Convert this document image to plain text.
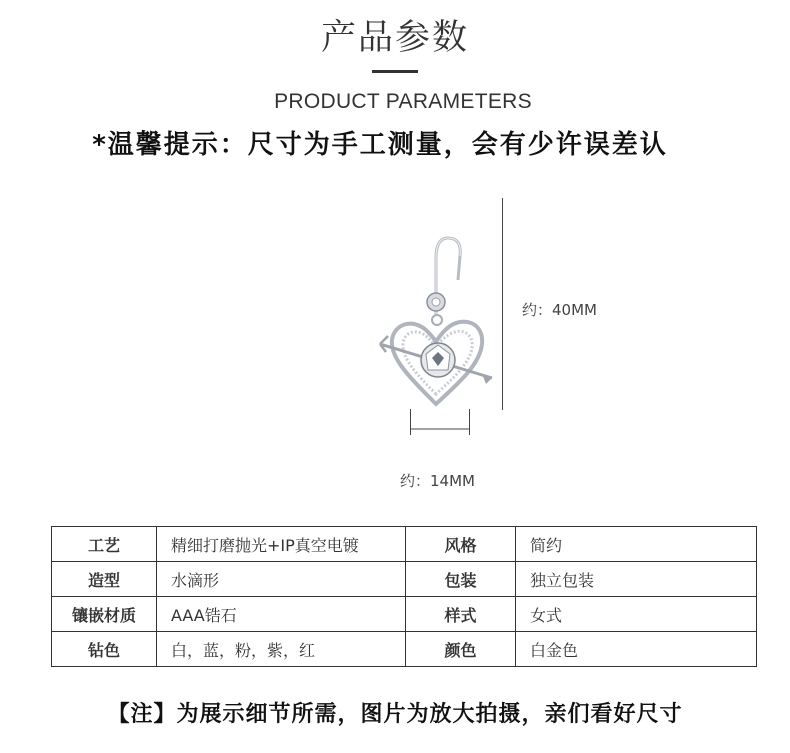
产品参数
PRODUCT PARAMETERS
*温馨提示：尺寸为手工测量，会有少许误差认
约：40MM
约：14MM
工艺	精细打磨抛光+IP真空电镀	风格	简约
造型	水滴形	包装	独立包装
镶嵌材质	AAA锆石	样式	女式
钻色	白，蓝，粉，紫，红	颜色	白金色
【注】为展示细节所需，图片为放大拍摄，亲们看好尺寸
